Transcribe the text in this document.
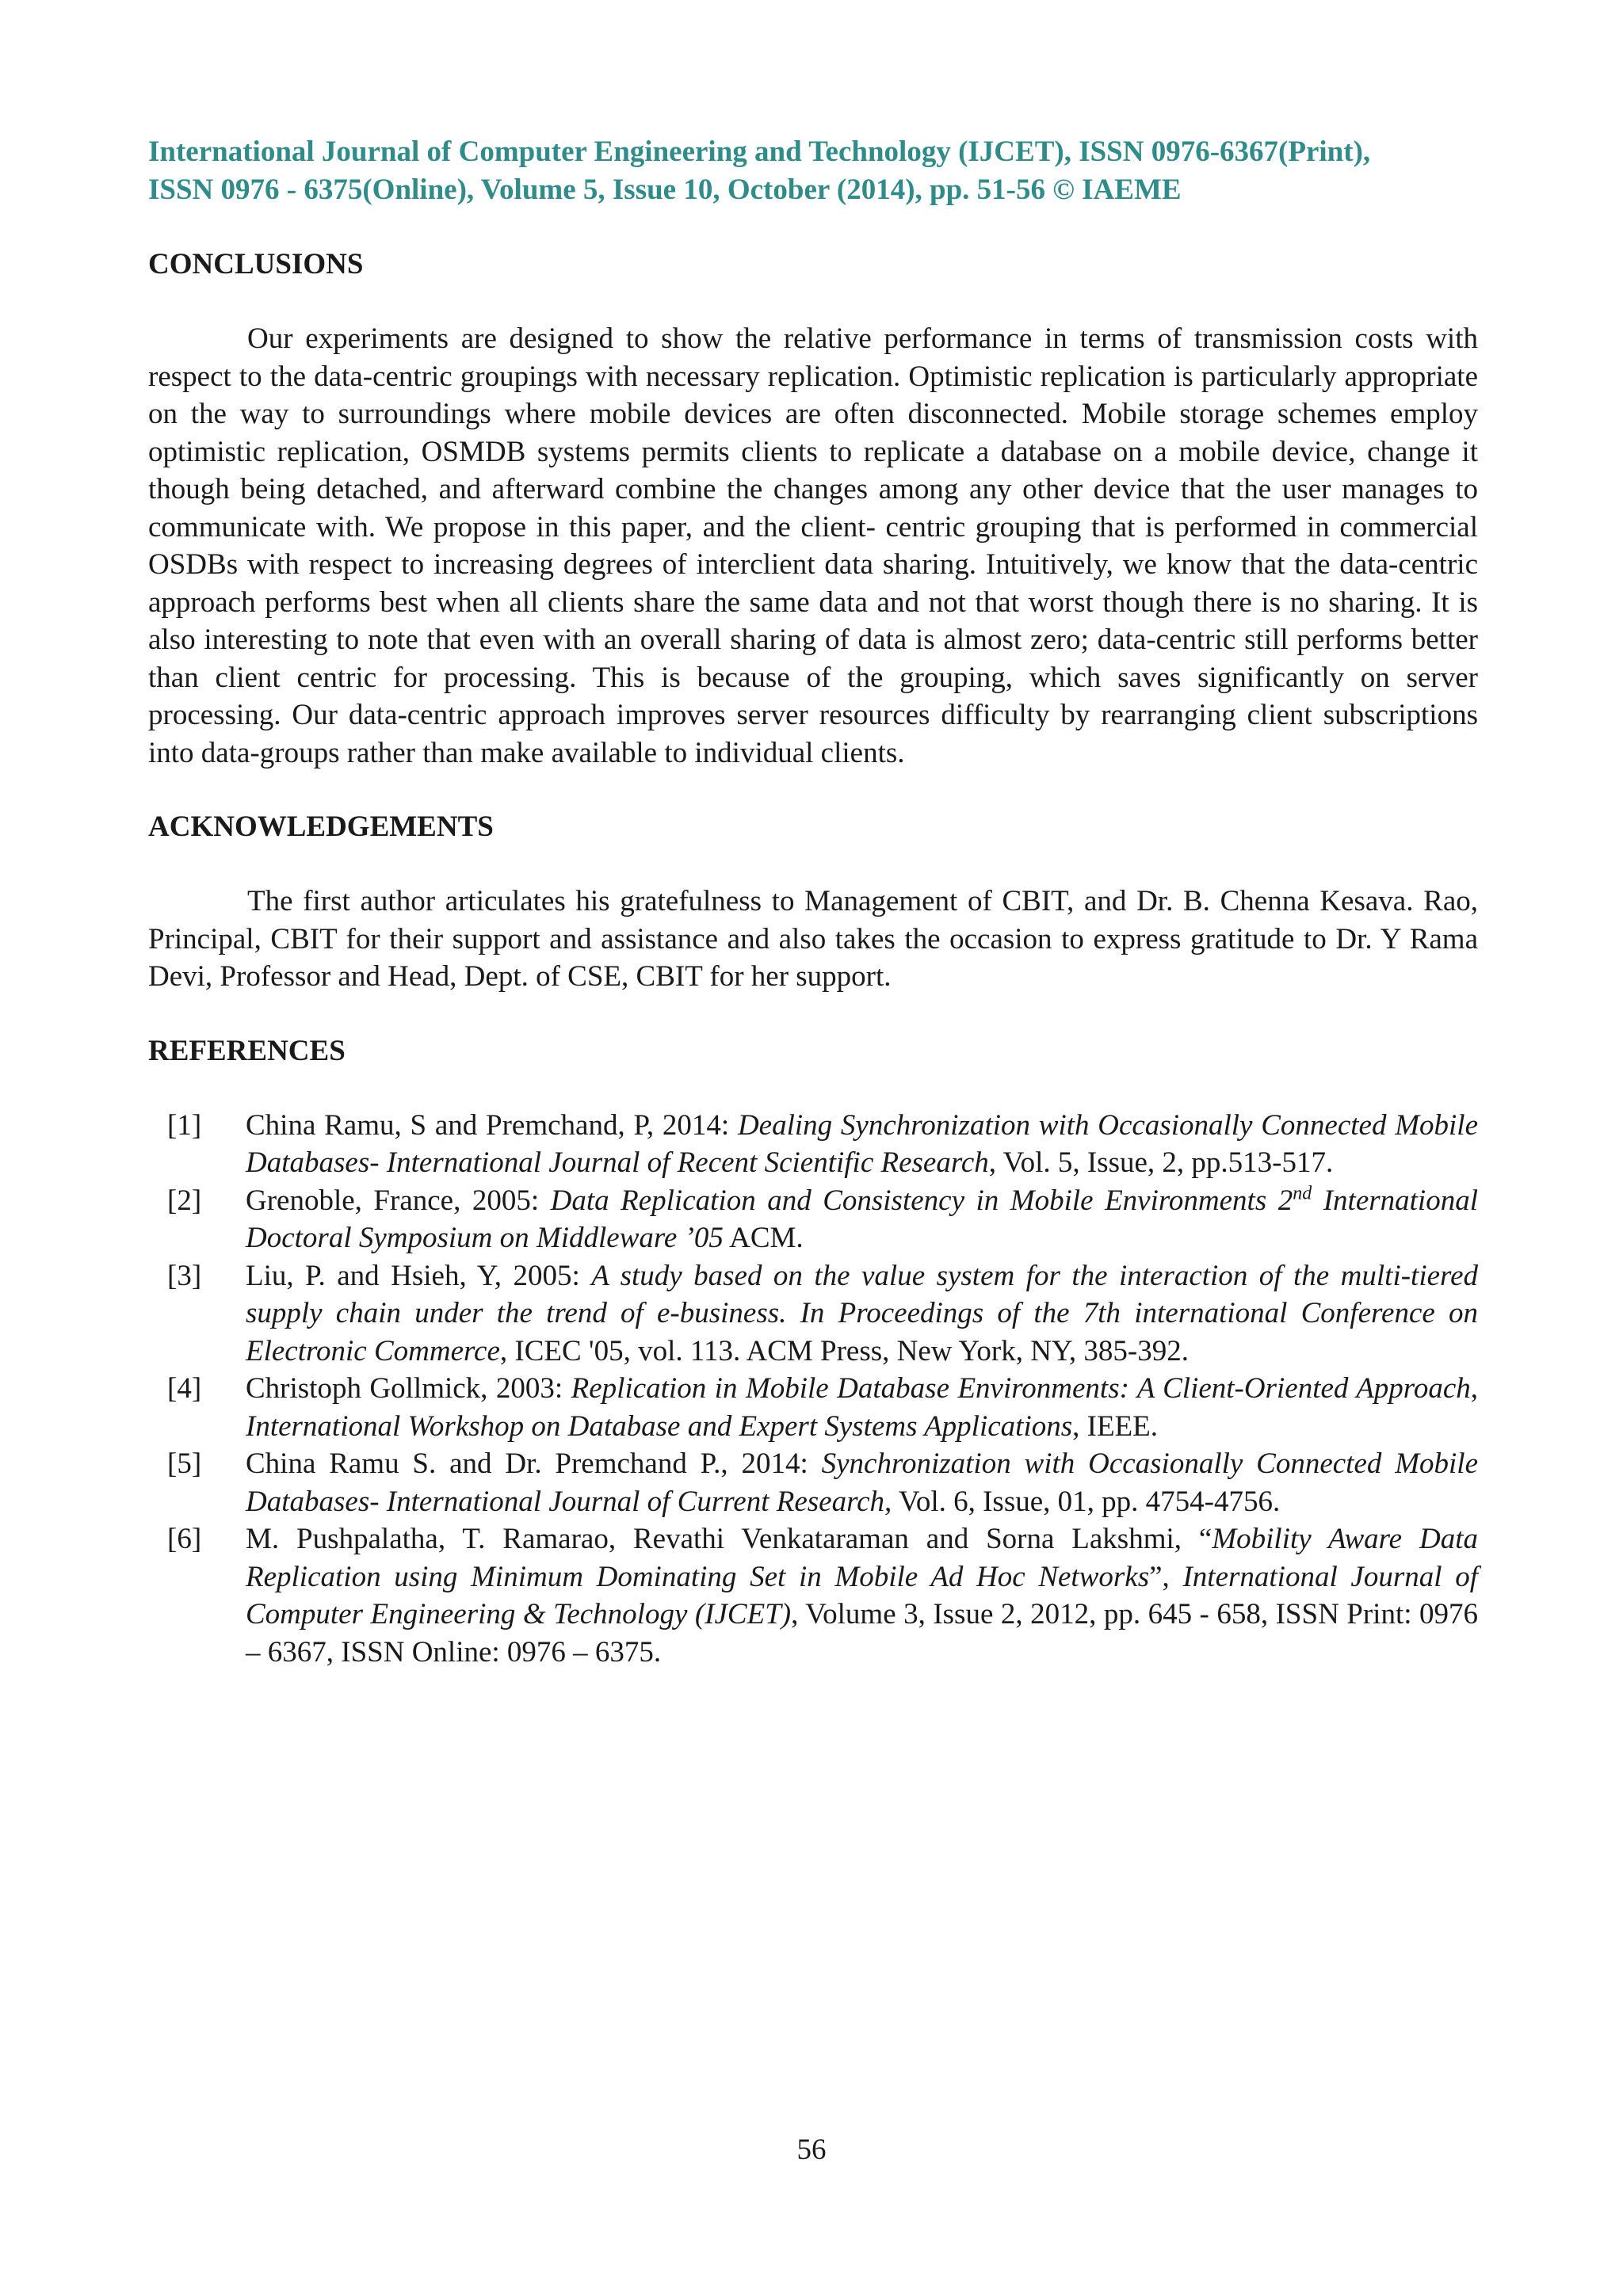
International Journal of Computer Engineering and Technology (IJCET), ISSN 0976-6367(Print),
ISSN 0976 - 6375(Online), Volume 5, Issue 10, October (2014), pp. 51-56 © IAEME
CONCLUSIONS

Our experiments are designed to show the relative performance in terms of transmission costs with respect to the data-centric groupings with necessary replication. Optimistic replication is particularly appropriate on the way to surroundings where mobile devices are often disconnected. Mobile storage schemes employ optimistic replication, OSMDB systems permits clients to replicate a database on a mobile device, change it though being detached, and afterward combine the changes among any other device that the user manages to communicate with. We propose in this paper, and the client- centric grouping that is performed in commercial OSDBs with respect to increasing degrees of interclient data sharing. Intuitively, we know that the data-centric approach performs best when all clients share the same data and not that worst though there is no sharing. It is also interesting to note that even with an overall sharing of data is almost zero; data-centric still performs better than client centric for processing. This is because of the grouping, which saves significantly on server processing. Our data-centric approach improves server resources difficulty by rearranging client subscriptions into data-groups rather than make available to individual clients.

ACKNOWLEDGEMENTS

The first author articulates his gratefulness to Management of CBIT, and Dr. B. Chenna Kesava. Rao, Principal, CBIT for their support and assistance and also takes the occasion to express gratitude to Dr. Y Rama Devi, Professor and Head, Dept. of CSE, CBIT for her support.

REFERENCES
[1]	China Ramu, S and Premchand, P, 2014: Dealing Synchronization with Occasionally Connected Mobile Databases- International Journal of Recent Scientific Research, Vol. 5, Issue, 2, pp.513-517.
[2]	Grenoble, France, 2005: Data Replication and Consistency in Mobile Environments 2nd International Doctoral Symposium on Middleware ’05 ACM.
[3]	Liu, P. and Hsieh, Y, 2005: A study based on the value system for the interaction of the multi-tiered supply chain under the trend of e-business. In Proceedings of the 7th international Conference on Electronic Commerce, ICEC '05, vol. 113. ACM Press, New York, NY, 385-392.
[4]	Christoph Gollmick, 2003: Replication in Mobile Database Environments: A Client-Oriented Approach, International Workshop on Database and Expert Systems Applications, IEEE.
[5]	China Ramu S. and Dr. Premchand P., 2014: Synchronization with Occasionally Connected Mobile Databases- International Journal of Current Research, Vol. 6, Issue, 01, pp. 4754-4756.
[6]	M. Pushpalatha, T. Ramarao, Revathi Venkataraman and Sorna Lakshmi, “Mobility Aware Data Replication using Minimum Dominating Set in Mobile Ad Hoc Networks”, International Journal of Computer Engineering & Technology (IJCET), Volume 3, Issue 2, 2012, pp. 645 - 658, ISSN Print: 0976 – 6367, ISSN Online: 0976 – 6375.
56
